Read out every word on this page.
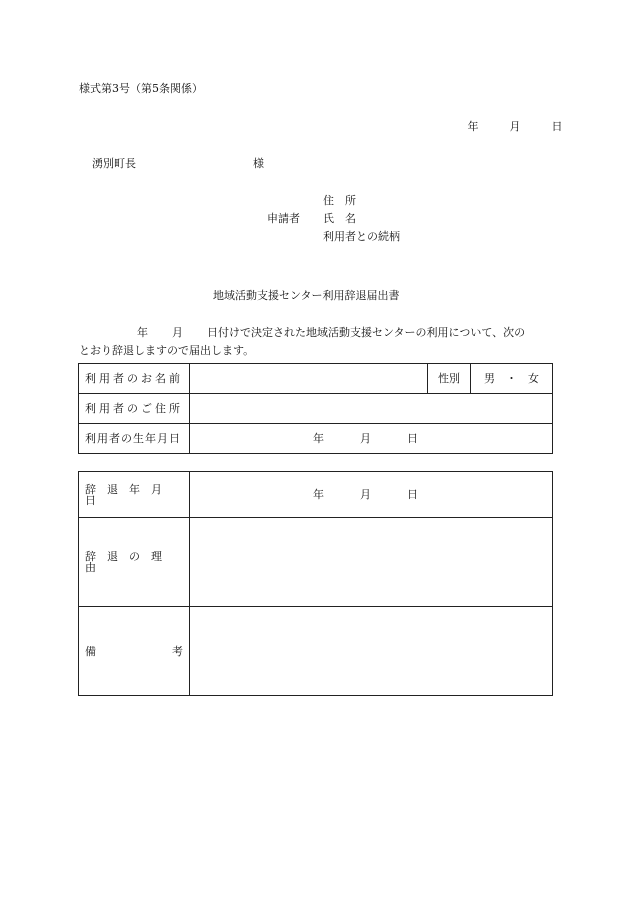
様式第3号（第5条関係）
年	月	日
湧別町長	様
申請者
住　所
氏　名
利用者との続柄
地域活動支援センター利用辞退届出書
年 月 日付けで決定された地域活動支援センターの利用について、次の
とおり辞退しますので届出します。
利用者のお名前		性別	男　・　女
利用者のご住所			
利用者の生年月日	年 月 日		
辞退年月日	年 月 日
辞退の理由	
備 考	
